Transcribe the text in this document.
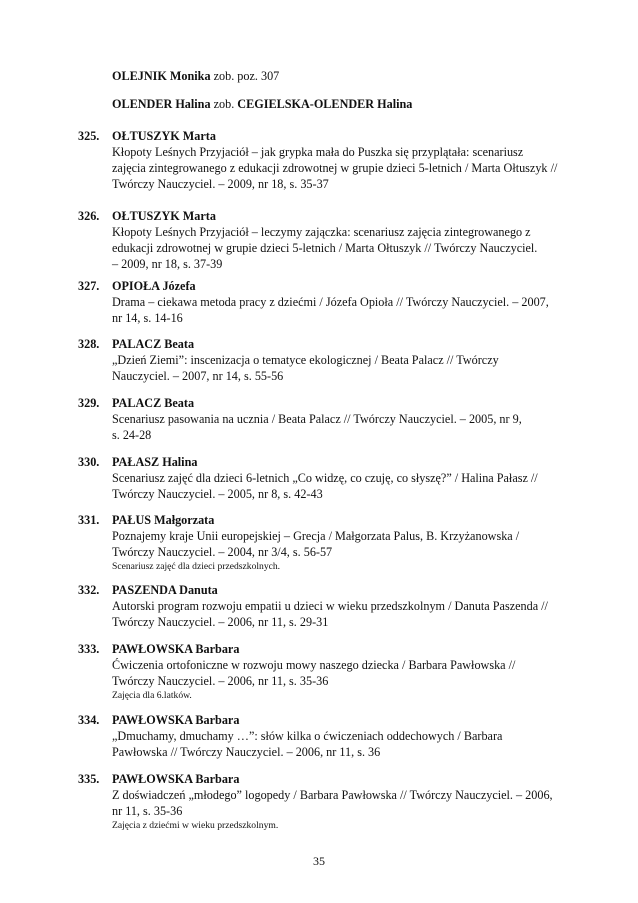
OLEJNIK Monika zob. poz. 307
OLENDER Halina zob. CEGIELSKA-OLENDER Halina
325. OŁTUSZYK Marta
Kłopoty Leśnych Przyjaciół – jak grypka mała do Puszka się przyplątała: scenariusz
zajęcia zintegrowanego z edukacji zdrowotnej w grupie dzieci 5-letnich / Marta Ołtuszyk //
Twórczy Nauczyciel. – 2009, nr 18, s. 35-37
326. OŁTUSZYK Marta
Kłopoty Leśnych Przyjaciół – leczymy zajączka: scenariusz zajęcia zintegrowanego z
edukacji zdrowotnej w grupie dzieci 5-letnich / Marta Ołtuszyk // Twórczy Nauczyciel.
– 2009, nr 18, s. 37-39
327. OPIOŁA Józefa
Drama – ciekawa metoda pracy z dziećmi / Józefa Opioła // Twórczy Nauczyciel. – 2007,
nr 14, s. 14-16
328. PALACZ Beata
„Dzień Ziemi”: inscenizacja o tematyce ekologicznej / Beata Palacz // Twórczy
Nauczyciel. – 2007, nr 14, s. 55-56
329. PALACZ Beata
Scenariusz pasowania na ucznia / Beata Palacz // Twórczy Nauczyciel. – 2005, nr 9,
s. 24-28
330. PAŁASZ Halina
Scenariusz zajęć dla dzieci 6-letnich „Co widzę, co czuję, co słyszę?” / Halina Pałasz //
Twórczy Nauczyciel. – 2005, nr 8, s. 42-43
331. PAŁUS Małgorzata
Poznajemy kraje Unii europejskiej – Grecja / Małgorzata Palus, B. Krzyżanowska /
Twórczy Nauczyciel. – 2004, nr 3/4, s. 56-57
Scenariusz zajęć dla dzieci przedszkolnych.
332. PASZENDA Danuta
Autorski program rozwoju empatii u dzieci w wieku przedszkolnym / Danuta Paszenda //
Twórczy Nauczyciel. – 2006, nr 11, s. 29-31
333. PAWŁOWSKA Barbara
Ćwiczenia ortofoniczne w rozwoju mowy naszego dziecka / Barbara Pawłowska //
Twórczy Nauczyciel. – 2006, nr 11, s. 35-36
Zajęcia dla 6.latków.
334. PAWŁOWSKA Barbara
„Dmuchamy, dmuchamy …”: słów kilka o ćwiczeniach oddechowych / Barbara
Pawłowska // Twórczy Nauczyciel. – 2006, nr 11, s. 36
335. PAWŁOWSKA Barbara
Z doświadczeń „młodego” logopedy / Barbara Pawłowska // Twórczy Nauczyciel. – 2006,
nr 11, s. 35-36
Zajęcia z dziećmi w wieku przedszkolnym.
35
